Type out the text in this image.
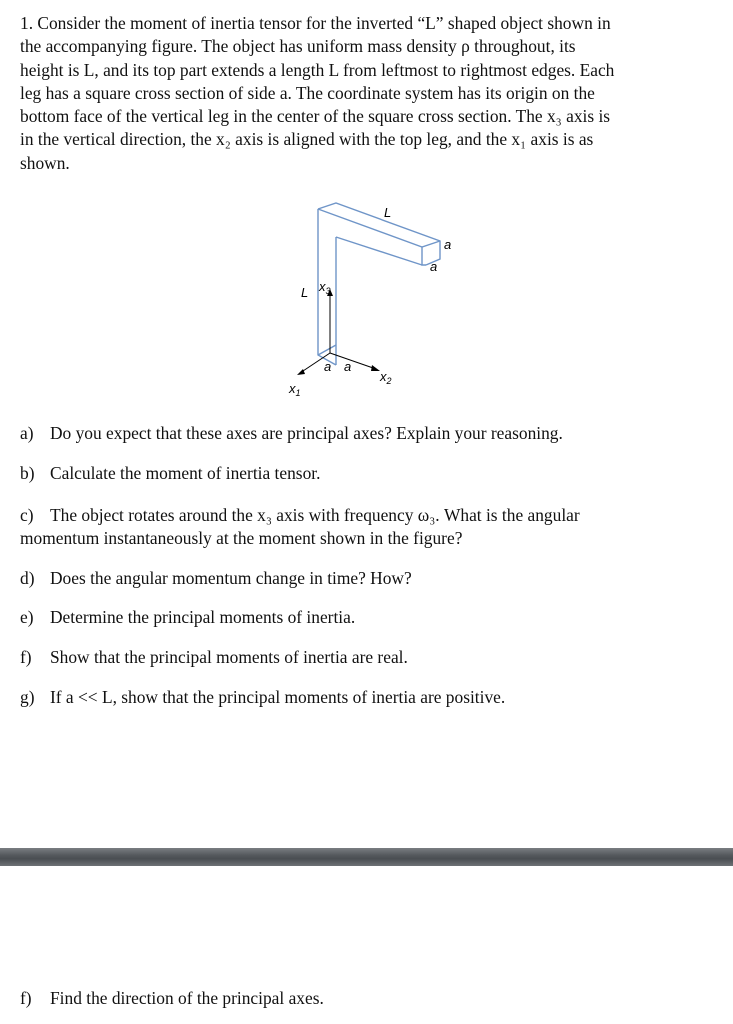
1. Consider the moment of inertia tensor for the inverted “L” shaped object shown in
the accompanying figure. The object has uniform mass density ρ throughout, its
height is L, and its top part extends a length L from leftmost to rightmost edges. Each
leg has a square cross section of side a. The coordinate system has its origin on the
bottom face of the vertical leg in the center of the square cross section. The x₃ axis is
in the vertical direction, the x₂ axis is aligned with the top leg, and the x₁ axis is as
shown.

L
a
a
L
a a
$x_3$
$x_2$
$x_1$

a) Do you expect that these axes are principal axes? Explain your reasoning.

b) Calculate the moment of inertia tensor.

c) The object rotates around the x₃ axis with frequency ω₃. What is the angular
momentum instantaneously at the moment shown in the figure?

d) Does the angular momentum change in time? How?

e) Determine the principal moments of inertia.

f) Show that the principal moments of inertia are real.

g) If a << L, show that the principal moments of inertia are positive.

f) Find the direction of the principal axes.
